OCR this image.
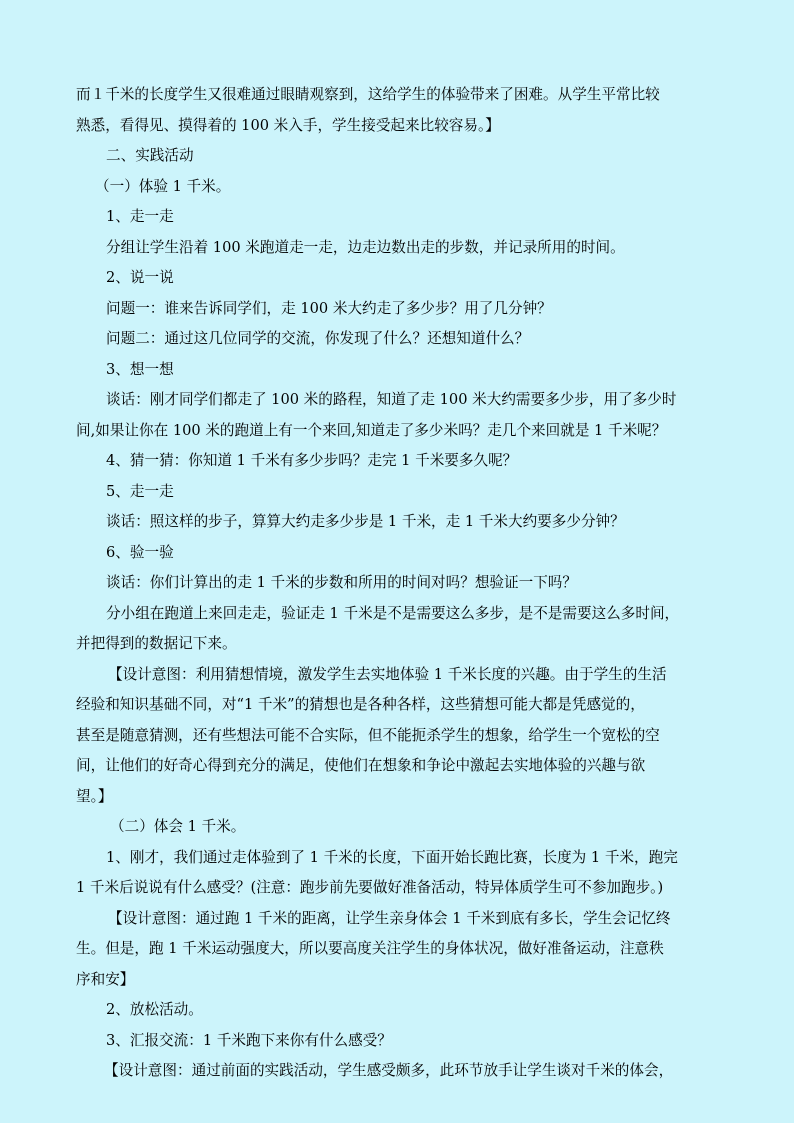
而１千米的长度学生又很难通过眼睛观察到，这给学生的体验带来了困难。从学生平常比较
熟悉，看得见、摸得着的 100 米入手，学生接受起来比较容易。】
二、实践活动
（一）体验 1 千米。
1、走一走
分组让学生沿着 100 米跑道走一走，边走边数出走的步数，并记录所用的时间。
2、说一说
问题一：谁来告诉同学们，走 100 米大约走了多少步？用了几分钟？
问题二：通过这几位同学的交流，你发现了什么？还想知道什么？
3、想一想
谈话：刚才同学们都走了 100 米的路程，知道了走 100 米大约需要多少步，用了多少时
间,如果让你在 100 米的跑道上有一个来回,知道走了多少米吗？走几个来回就是 1 千米呢？
4、猜一猜：你知道 1 千米有多少步吗？走完 1 千米要多久呢？
5、走一走
谈话：照这样的步子，算算大约走多少步是 1 千米，走 1 千米大约要多少分钟？
6、验一验
谈话：你们计算出的走 1 千米的步数和所用的时间对吗？想验证一下吗？
分小组在跑道上来回走走，验证走 1 千米是不是需要这么多步，是不是需要这么多时间，
并把得到的数据记下来。
【设计意图：利用猜想情境，激发学生去实地体验 1 千米长度的兴趣。由于学生的生活
经验和知识基础不同，对“1 千米”的猜想也是各种各样，这些猜想可能大都是凭感觉的，
甚至是随意猜测，还有些想法可能不合实际，但不能扼杀学生的想象，给学生一个宽松的空
间，让他们的好奇心得到充分的满足，使他们在想象和争论中激起去实地体验的兴趣与欲
望。】
（二）体会 1 千米。
1、刚才，我们通过走体验到了 1 千米的长度，下面开始长跑比赛，长度为 1 千米，跑完
1 千米后说说有什么感受？(注意：跑步前先要做好准备活动，特异体质学生可不参加跑步。)
【设计意图：通过跑 1 千米的距离，让学生亲身体会 1 千米到底有多长，学生会记忆终
生。但是，跑 1 千米运动强度大，所以要高度关注学生的身体状况，做好准备运动，注意秩
序和安】
2、放松活动。
3、汇报交流：1 千米跑下来你有什么感受？
【设计意图：通过前面的实践活动，学生感受颇多，此环节放手让学生谈对千米的体会，
